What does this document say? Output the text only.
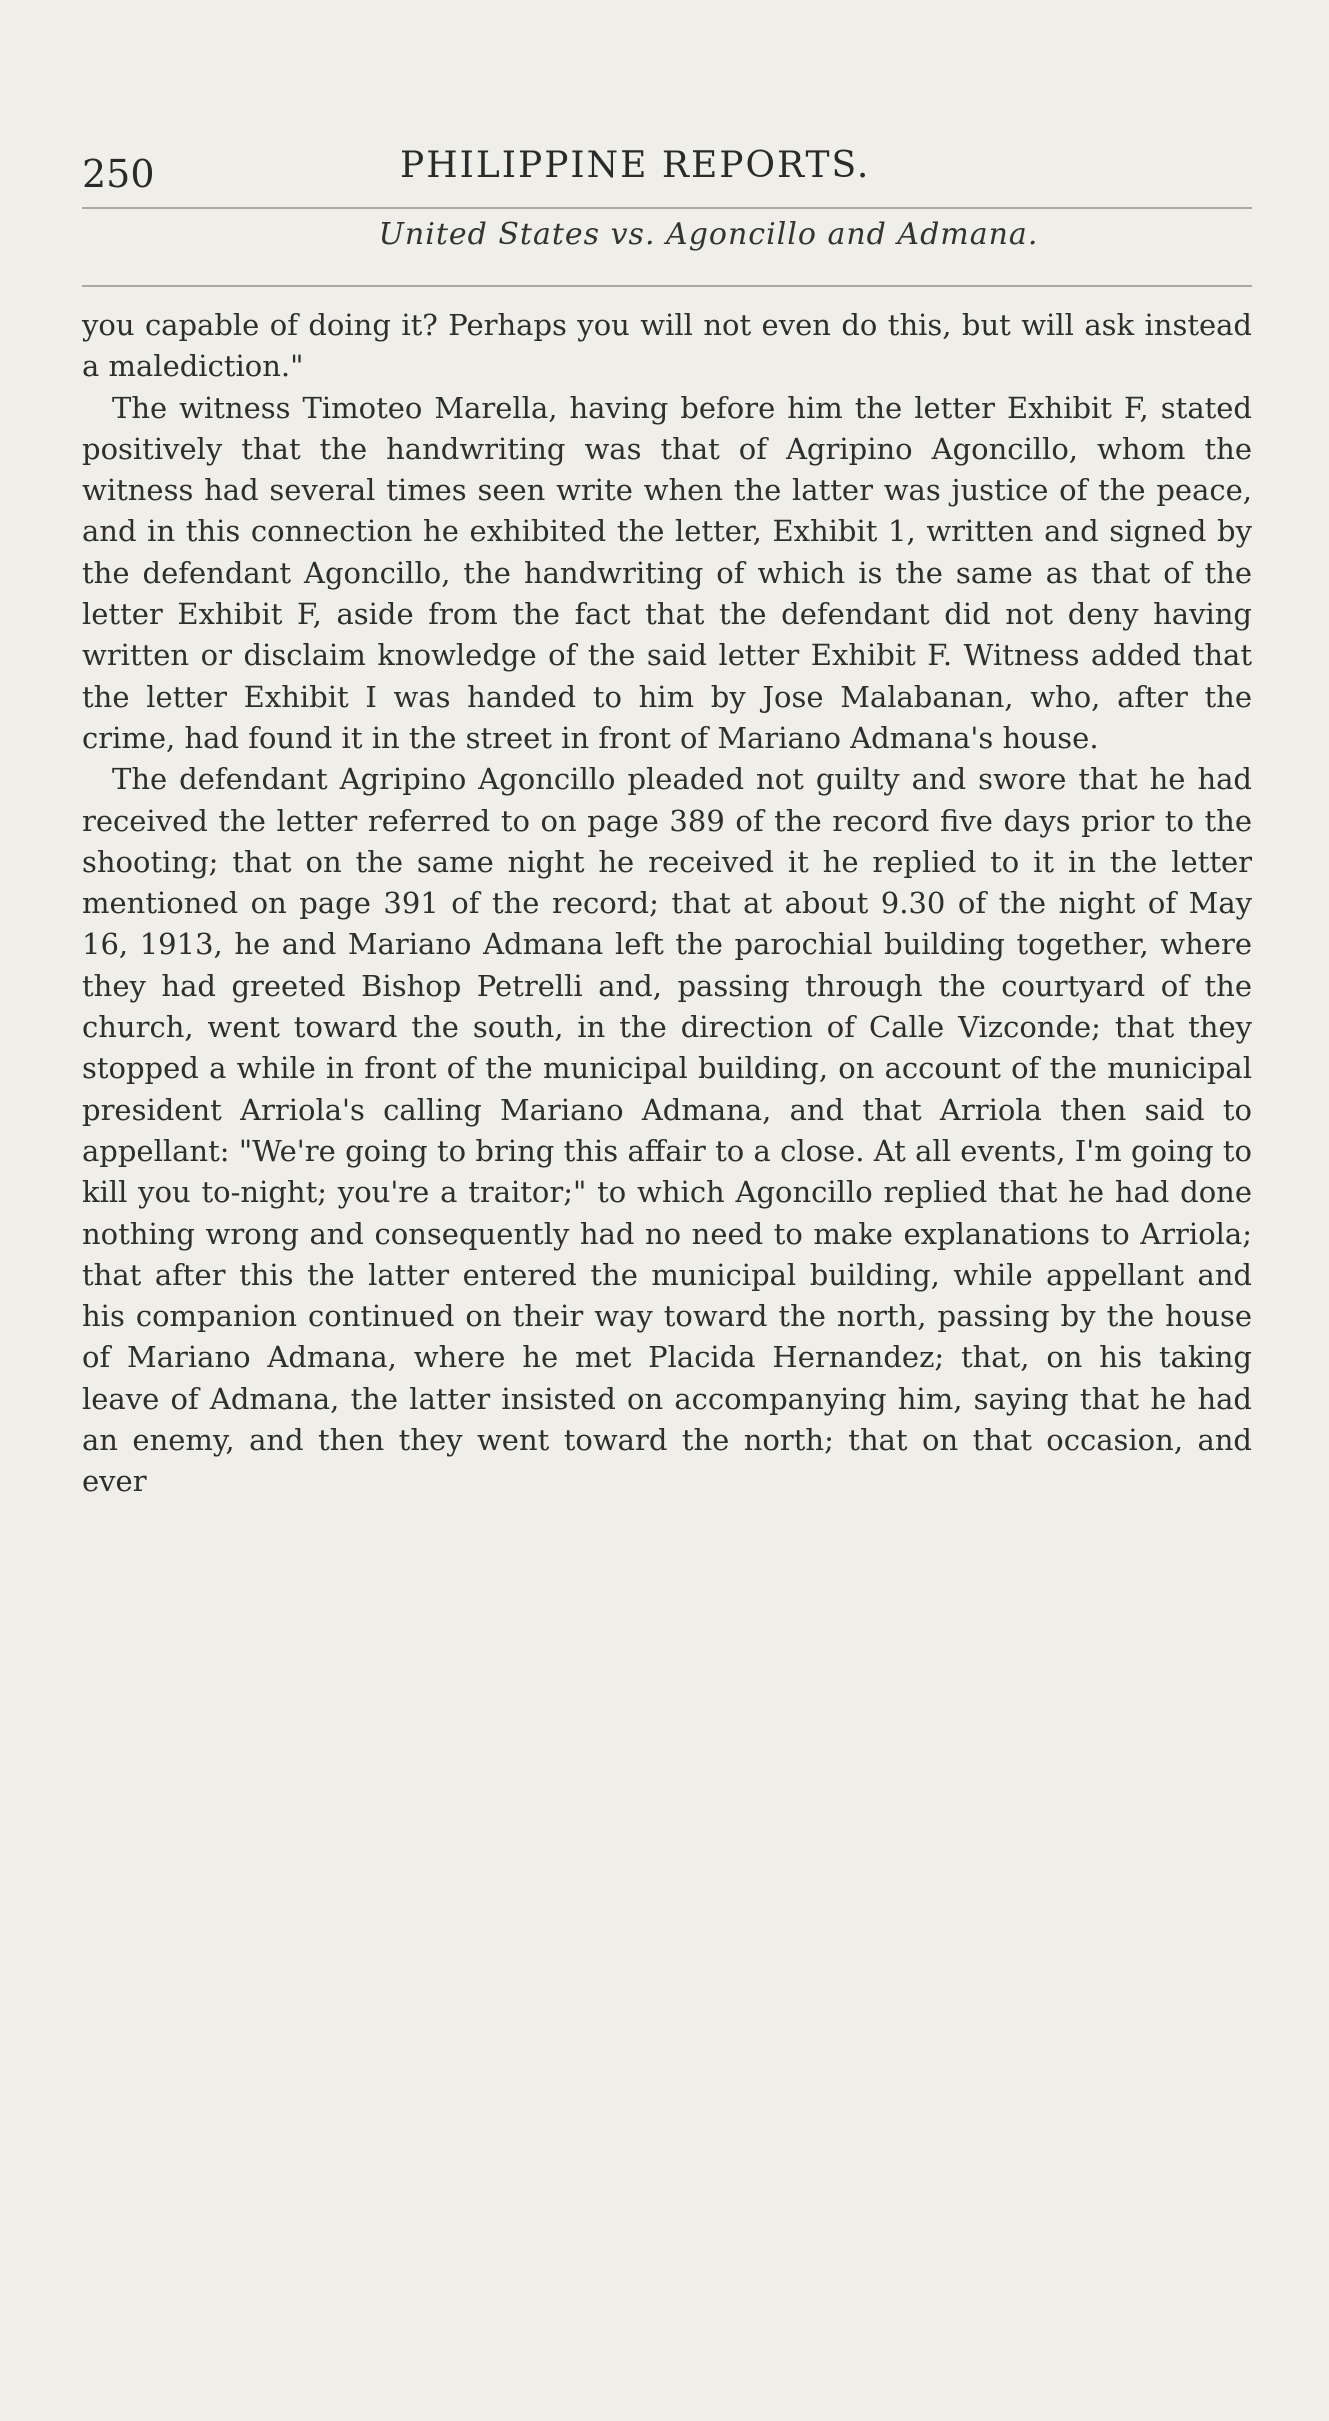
250	PHILIPPINE REPORTS.
United States vs. Agoncillo and Admana.

you capable of doing it? Perhaps you will not even do this, but will ask instead a malediction."

The witness Timoteo Marella, having before him the letter Exhibit F, stated positively that the handwriting was that of Agripino Agoncillo, whom the witness had several times seen write when the latter was justice of the peace, and in this connection he exhibited the letter, Exhibit 1, written and signed by the defendant Agoncillo, the handwriting of which is the same as that of the letter Exhibit F, aside from the fact that the defendant did not deny having written or disclaim knowledge of the said letter Exhibit F. Witness added that the letter Exhibit I was handed to him by Jose Malabanan, who, after the crime, had found it in the street in front of Mariano Admana's house.

The defendant Agripino Agoncillo pleaded not guilty and swore that he had received the letter referred to on page 389 of the record five days prior to the shooting; that on the same night he received it he replied to it in the letter mentioned on page 391 of the record; that at about 9.30 of the night of May 16, 1913, he and Mariano Admana left the parochial building together, where they had greeted Bishop Petrelli and, passing through the courtyard of the church, went toward the south, in the direction of Calle Vizconde; that they stopped a while in front of the municipal building, on account of the municipal president Arriola's calling Mariano Admana, and that Arriola then said to appellant: "We're going to bring this affair to a close. At all events, I'm going to kill you to-night; you're a traitor;" to which Agoncillo replied that he had done nothing wrong and consequently had no need to make explanations to Arriola; that after this the latter entered the municipal building, while appellant and his companion continued on their way toward the north, passing by the house of Mariano Admana, where he met Placida Hernandez; that, on his taking leave of Admana, the latter insisted on accompanying him, saying that he had an enemy, and then they went toward the north; that on that occasion, and ever
